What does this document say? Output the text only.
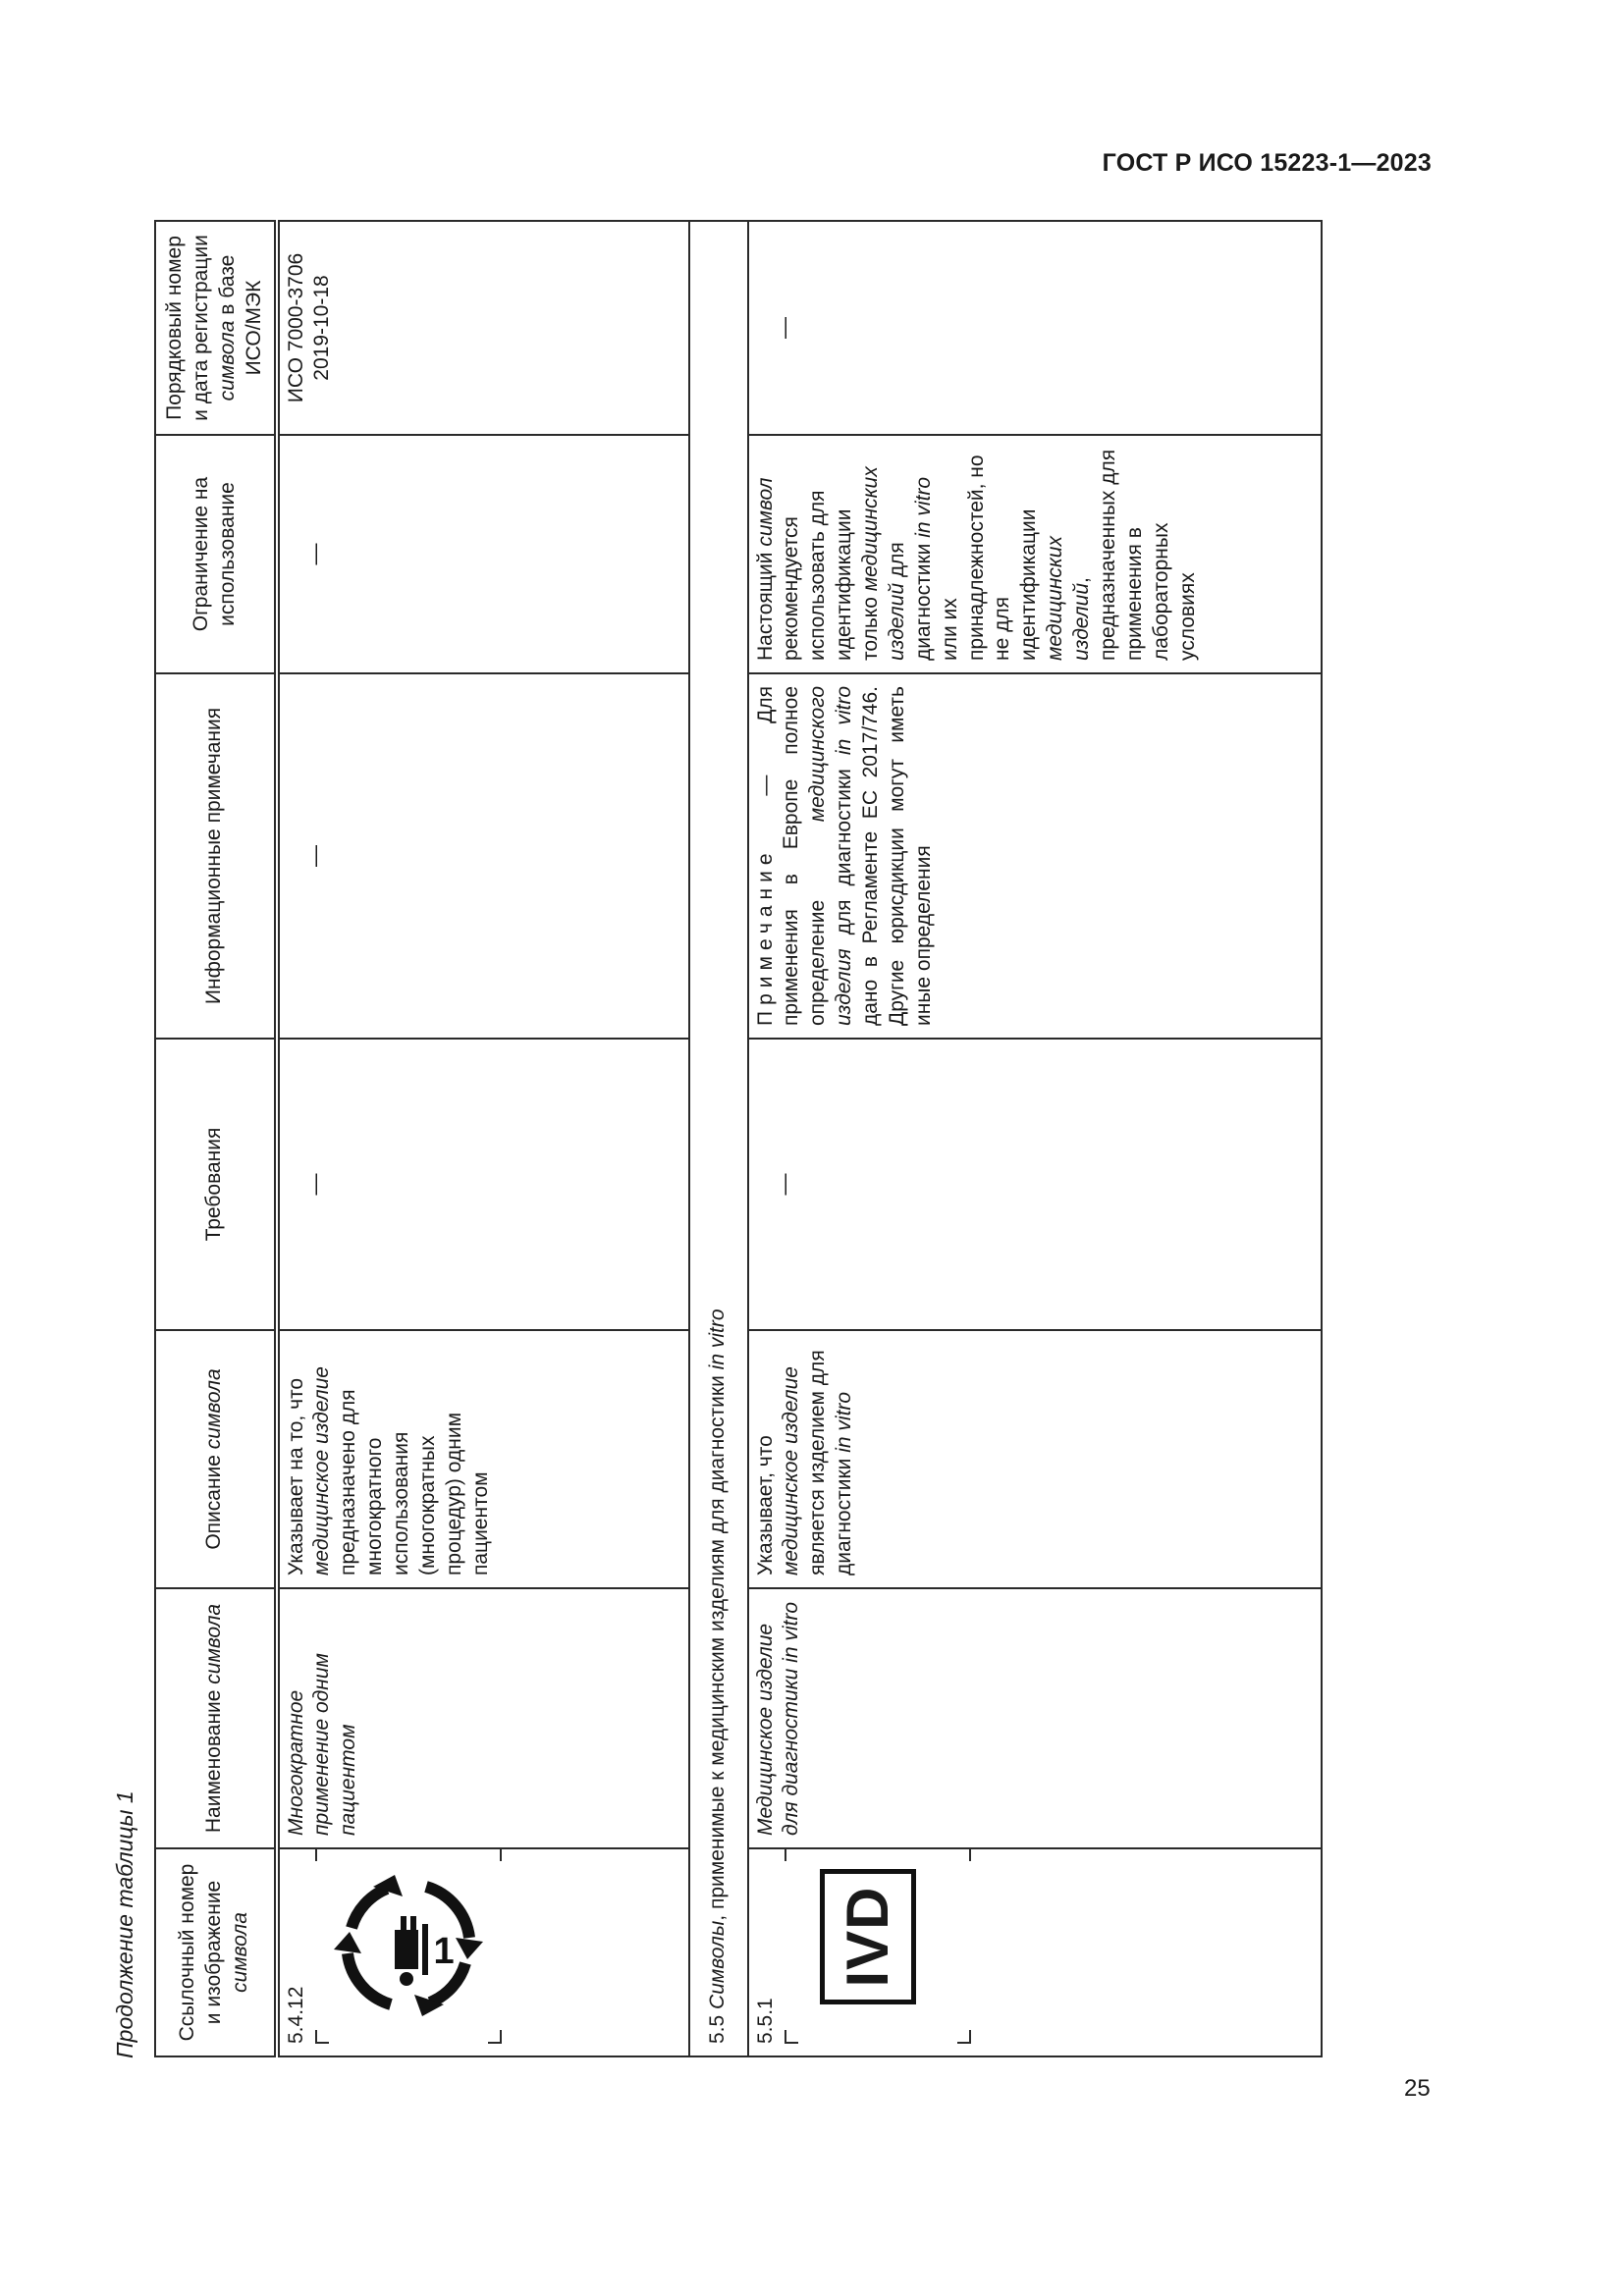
ГОСТ Р ИСО 15223-1—2023
Продолжение таблицы 1 Ссылочный номер и изображение символа	Наименование символа	Описание символа	Требования	Информационные примечания	Ограничение на использование	Порядковый номер и дата регистрации символа в базе ИСО/МЭК

5.4.12
1	Многократное применение одним пациентом	Указывает на то, что медицинское изделие предназначено для многократного использования (многократных процедур) одним пациентом	—	—	—	ИСО 7000-3706 2019-10-18
5.5 Символы, применимые к медицинским изделиям для диагностики in vitro						

5.5.1
IVD	Медицинское изделие для диагностики in vitro	Указывает, что медицинское изделие является изделием для диагностики in vitro	—	Примечание — Для применения в Европе полное определение медицинского изделия для диагностики in vitro дано в Регламенте ЕС 2017/746. Другие юрисдикции могут иметь иные определения	Настоящий символ рекомендуется использовать для идентификации только медицинских изделий для диагностики in vitro или их принадлежностей, но не для идентификации медицинских изделий, предназначенных для применения в лабораторных условиях	—
25
